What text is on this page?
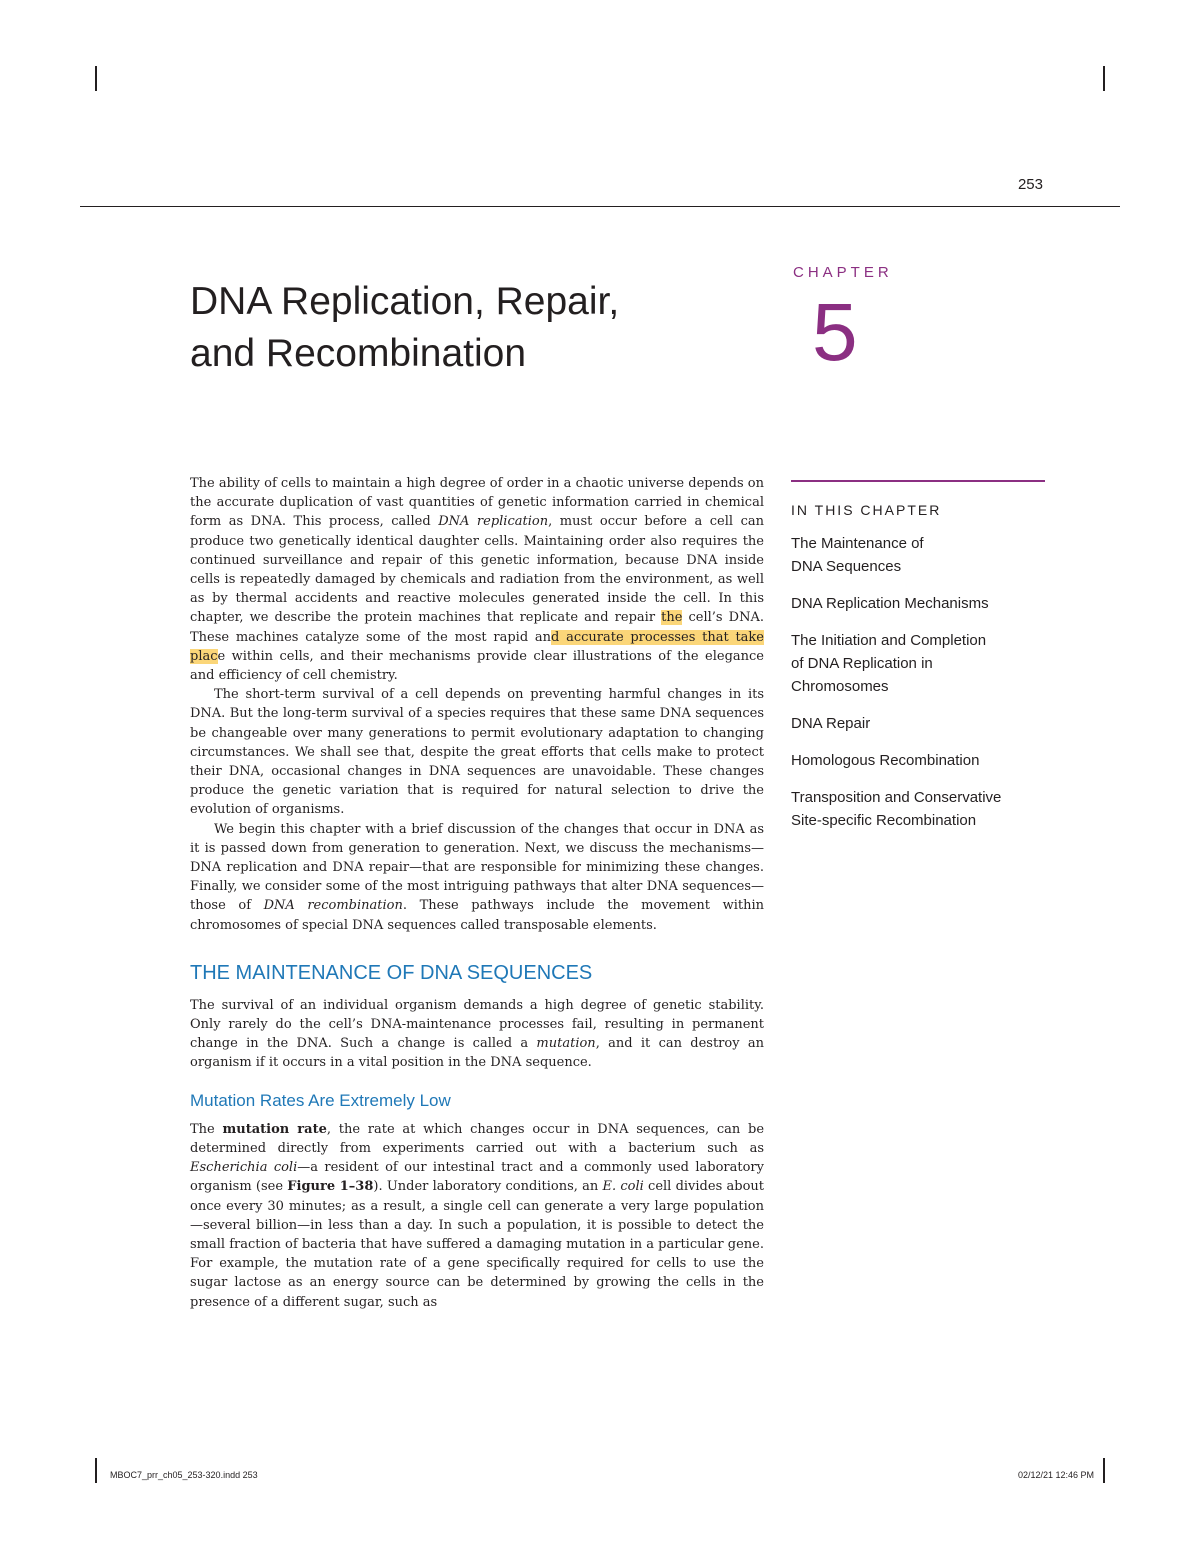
253
DNA Replication, Repair,
and Recombination
CHAPTER
5
IN THIS CHAPTER
The Maintenance of
DNA Sequences
DNA Replication Mechanisms
The Initiation and Completion
of DNA Replication in
Chromosomes
DNA Repair
Homologous Recombination
Transposition and Conservative
Site-specific Recombination

The ability of cells to maintain a high degree of order in a chaotic universe depends on the accurate duplication of vast quantities of genetic information carried in chemical form as DNA. This process, called DNA replication, must occur before a cell can produce two genetically identical daughter cells. Maintaining order also requires the continued surveillance and repair of this genetic information, because DNA inside cells is repeatedly damaged by chemicals and radiation from the environment, as well as by thermal accidents and reactive molecules generated inside the cell. In this chapter, we describe the protein machines that replicate and repair the cell’s DNA. These machines catalyze some of the most rapid and accurate processes that take place within cells, and their mechanisms provide clear illustrations of the elegance and efficiency of cell chemistry.

The short-term survival of a cell depends on preventing harmful changes in its DNA. But the long-term survival of a species requires that these same DNA sequences be changeable over many generations to permit evolutionary adaptation to changing circumstances. We shall see that, despite the great efforts that cells make to protect their DNA, occasional changes in DNA sequences are unavoidable. These changes produce the genetic variation that is required for natural selection to drive the evolution of organisms.

We begin this chapter with a brief discussion of the changes that occur in DNA as it is passed down from generation to generation. Next, we discuss the mechanisms—DNA replication and DNA repair—that are responsible for minimizing these changes. Finally, we consider some of the most intriguing pathways that alter DNA sequences—those of DNA recombination. These pathways include the movement within chromosomes of special DNA sequences called transposable elements.

THE MAINTENANCE OF DNA SEQUENCES

The survival of an individual organism demands a high degree of genetic stability. Only rarely do the cell’s DNA-maintenance processes fail, resulting in permanent change in the DNA. Such a change is called a mutation, and it can destroy an organism if it occurs in a vital position in the DNA sequence.

Mutation Rates Are Extremely Low

The mutation rate, the rate at which changes occur in DNA sequences, can be determined directly from experiments carried out with a bacterium such as Escherichia coli—a resident of our intestinal tract and a commonly used laboratory organism (see Figure 1–38). Under laboratory conditions, an E. coli cell divides about once every 30 minutes; as a result, a single cell can generate a very large population—several billion—in less than a day. In such a population, it is possible to detect the small fraction of bacteria that have suffered a damaging mutation in a particular gene. For example, the mutation rate of a gene specifically required for cells to use the sugar lactose as an energy source can be determined by growing the cells in the presence of a different sugar, such as

MBOC7_prr_ch05_253-320.indd 253	02/12/21 12:46 PM
